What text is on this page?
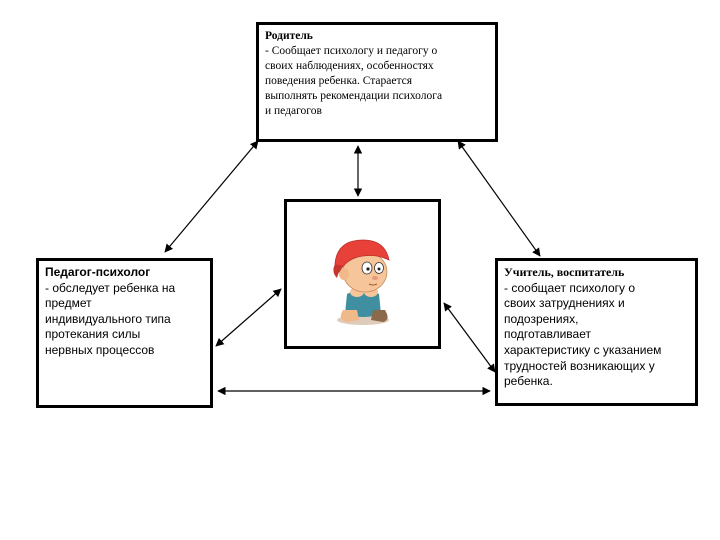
Родитель
- Сообщает психологу и педагогу о
своих наблюдениях, особенностях
поведения ребенка. Старается
выполнять рекомендации психолога
и педагогов
Педагог-психолог
- обследует ребенка на
предмет
индивидуального типа
протекания силы
нервных процессов
Учитель, воспитатель
- сообщает психологу о
своих затруднениях и
подозрениях,
подготавливает
характеристику с указанием
трудностей возникающих у
ребенка.
